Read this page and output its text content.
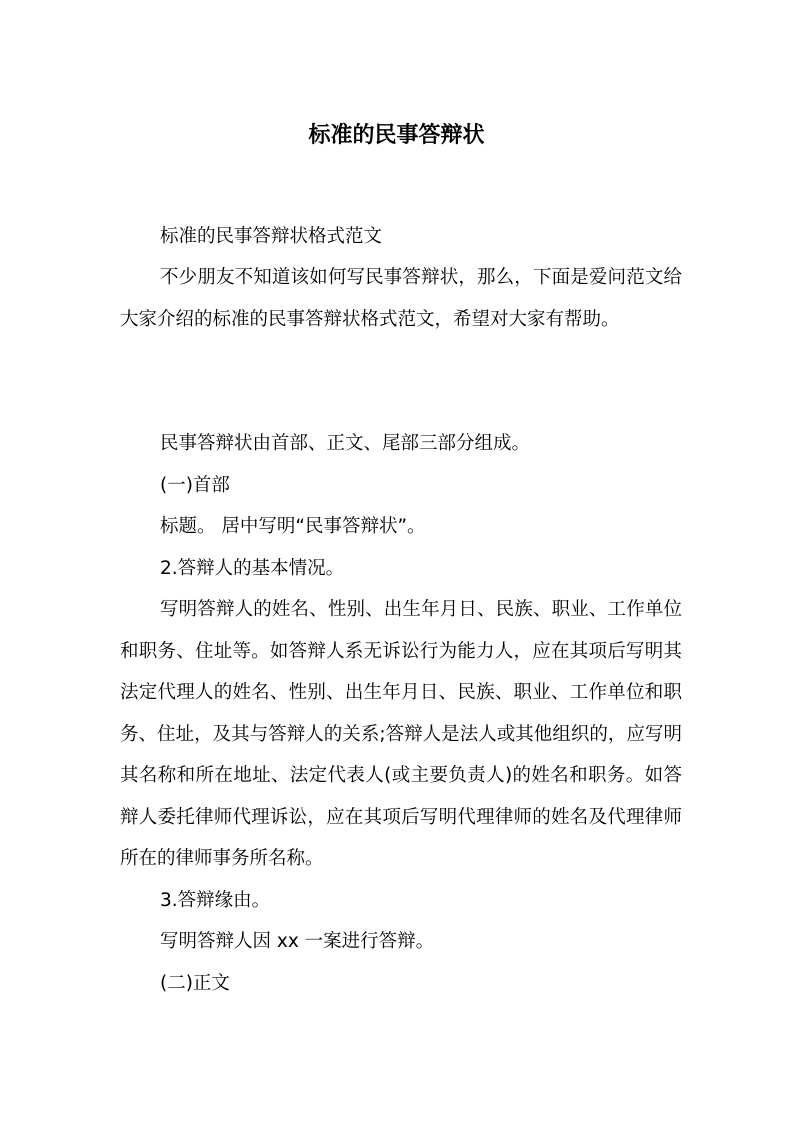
标准的民事答辩状

标准的民事答辩状格式范文

不少朋友不知道该如何写民事答辩状，那么，下面是爱问范文给大家介绍的标准的民事答辩状格式范文，希望对大家有帮助。

民事答辩状由首部、正文、尾部三部分组成。

(一)首部

标题。 居中写明“民事答辩状”。

2.答辩人的基本情况。

写明答辩人的姓名、性别、出生年月日、民族、职业、工作单位和职务、住址等。如答辩人系无诉讼行为能力人，应在其项后写明其法定代理人的姓名、性别、出生年月日、民族、职业、工作单位和职务、住址，及其与答辩人的关系;答辩人是法人或其他组织的，应写明其名称和所在地址、法定代表人(或主要负责人)的姓名和职务。如答辩人委托律师代理诉讼，应在其项后写明代理律师的姓名及代理律师所在的律师事务所名称。

3.答辩缘由。

写明答辩人因 xx 一案进行答辩。

(二)正文
